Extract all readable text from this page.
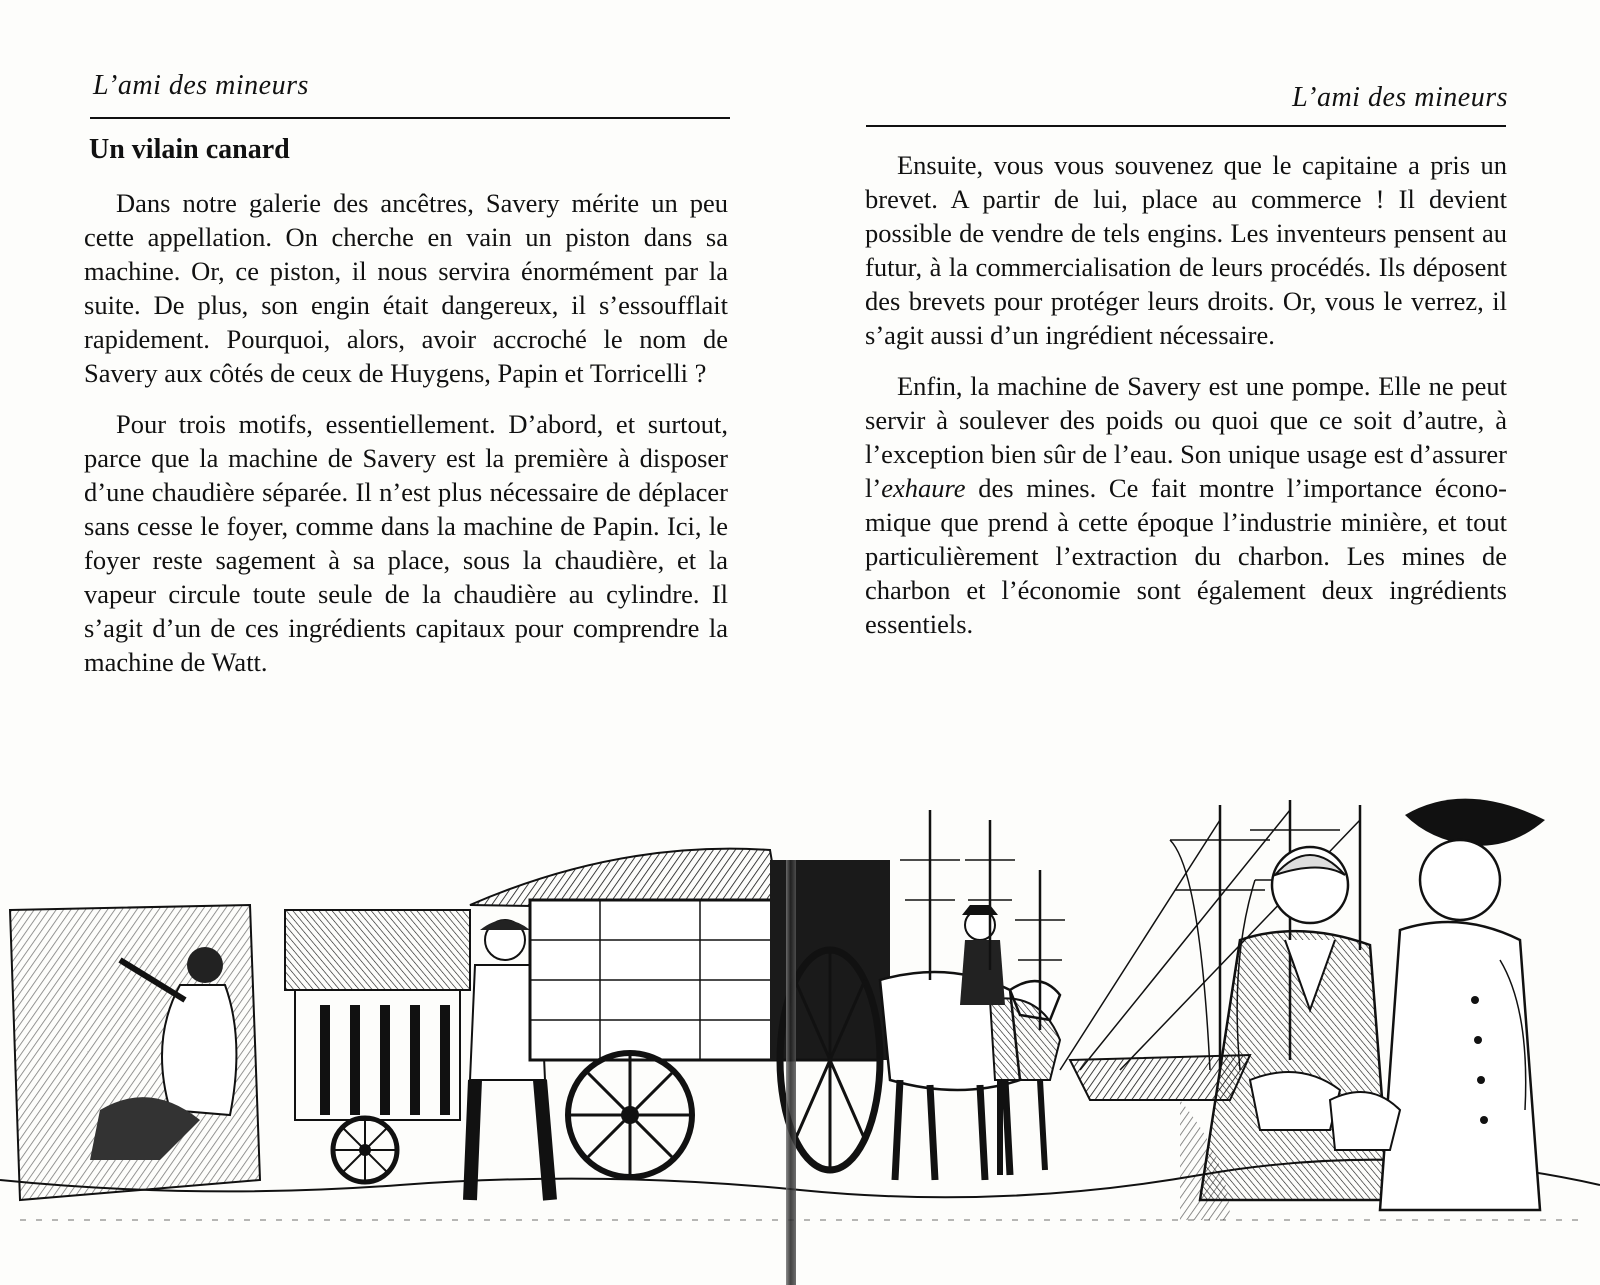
L’ami des mineurs
Un vilain canard

Dans notre galerie des ancêtres, Savery mérite un peu cette appellation. On cherche en vain un piston dans sa machine. Or, ce piston, il nous servira énormément par la suite. De plus, son engin était dangereux, il s’essoufflait rapidement. Pourquoi, alors, avoir accroché le nom de Savery aux côtés de ceux de Huygens, Papin et Torricelli ?

Pour trois motifs, essentiellement. D’abord, et surtout, parce que la machine de Savery est la première à disposer d’une chaudière séparée. Il n’est plus nécessaire de déplacer sans cesse le foyer, comme dans la machine de Papin. Ici, le foyer reste sagement à sa place, sous la chaudière, et la vapeur circule toute seule de la chaudière au cylindre. Il s’agit d’un de ces ingrédients capitaux pour comprendre la machine de Watt.

L’ami des mineurs

Ensuite, vous vous souvenez que le capitaine a pris un brevet. A partir de lui, place au commerce ! Il devient possible de vendre de tels engins. Les inventeurs pensent au futur, à la commercialisation de leurs procédés. Ils déposent des brevets pour protéger leurs droits. Or, vous le verrez, il s’agit aussi d’un ingrédient nécessaire.

Enfin, la machine de Savery est une pompe. Elle ne peut servir à soulever des poids ou quoi que ce soit d’autre, à l’exception bien sûr de l’eau. Son unique usage est d’assurer l’exhaure des mines. Ce fait montre l’importance économique que prend à cette époque l’industrie minière, et tout particulièrement l’extraction du charbon. Les mines de charbon et l’économie sont également deux ingrédients essentiels.
